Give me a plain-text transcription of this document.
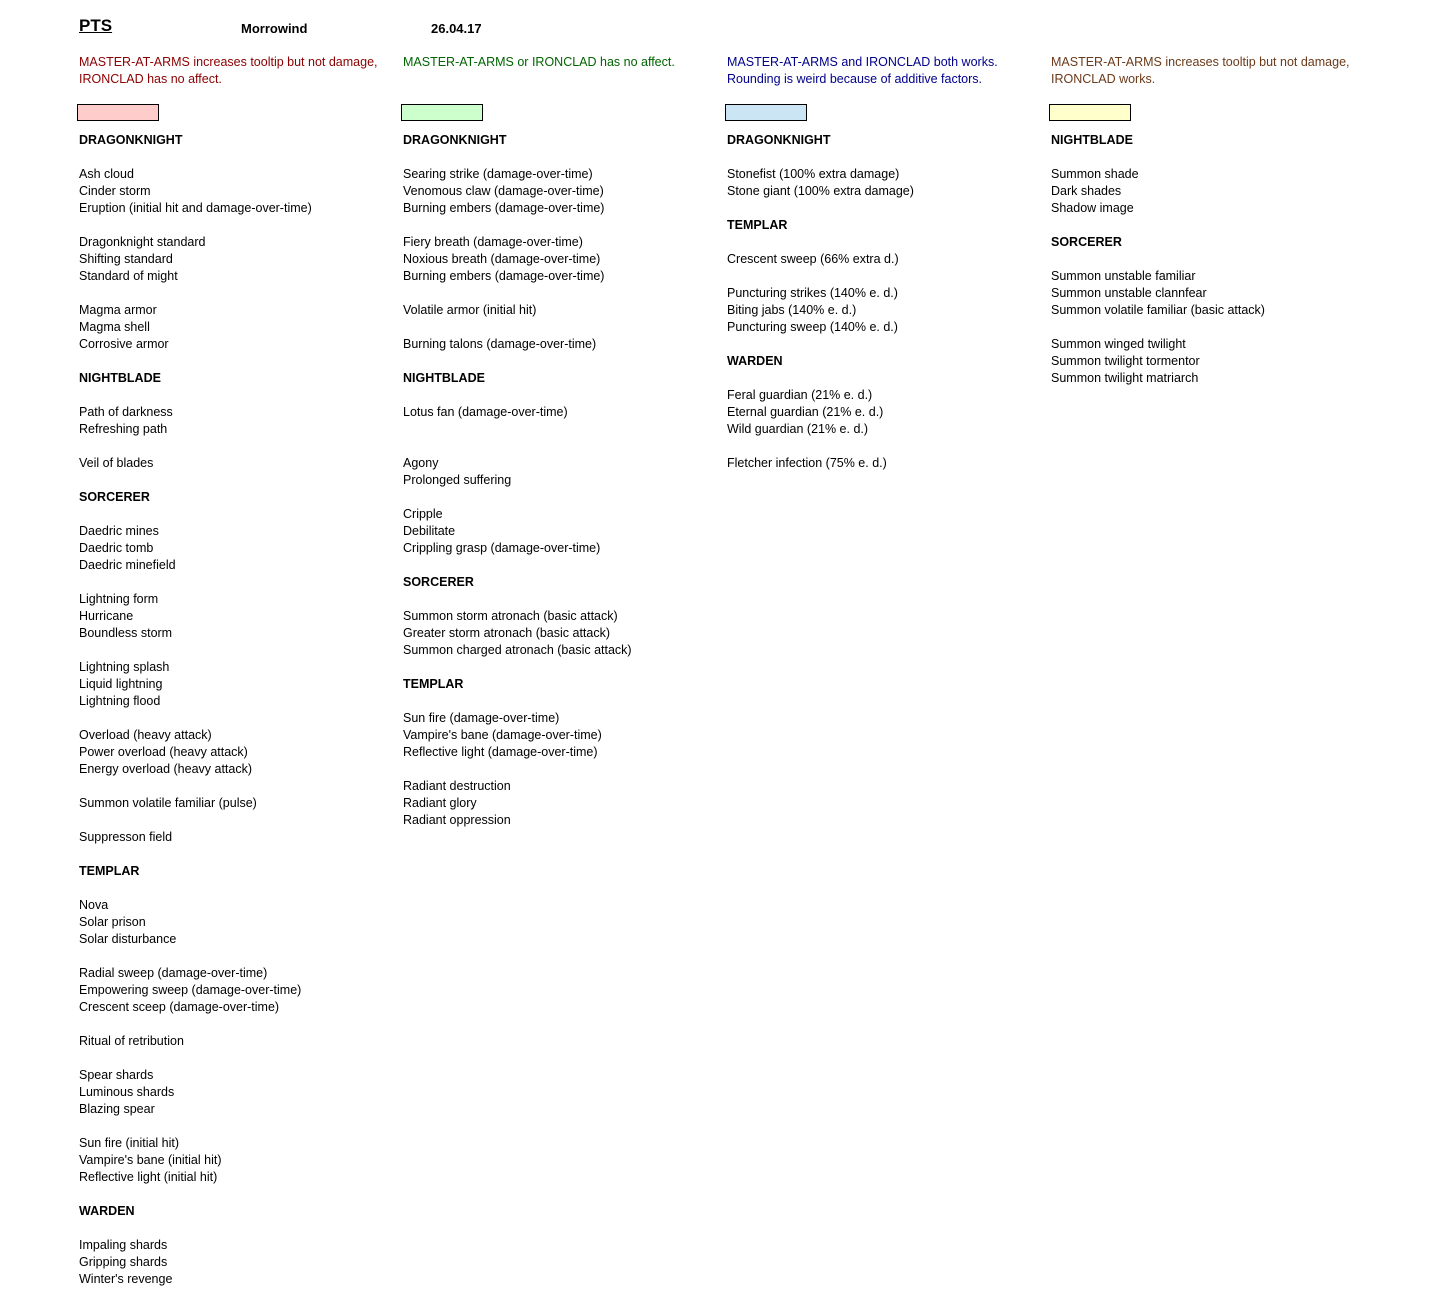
PTS	Morrowind	26.04.17
MASTER-AT-ARMS increases tooltip but not damage,
IRONCLAD has no affect.
DRAGONKNIGHT
Ash cloud
Cinder storm
Eruption (initial hit and damage-over-time)
Dragonknight standard
Shifting standard
Standard of might
Magma armor
Magma shell
Corrosive armor
NIGHTBLADE
Path of darkness
Refreshing path
Veil of blades
SORCERER
Daedric mines
Daedric tomb
Daedric minefield
Lightning form
Hurricane
Boundless storm
Lightning splash
Liquid lightning
Lightning flood
Overload (heavy attack)
Power overload (heavy attack)
Energy overload (heavy attack)
Summon volatile familiar (pulse)
Suppresson field
TEMPLAR
Nova
Solar prison
Solar disturbance
Radial sweep (damage-over-time)
Empowering sweep (damage-over-time)
Crescent sceep (damage-over-time)
Ritual of retribution
Spear shards
Luminous shards
Blazing spear
Sun fire (initial hit)
Vampire's bane (initial hit)
Reflective light (initial hit)
WARDEN
Impaling shards
Gripping shards
Winter's revenge
MASTER-AT-ARMS or IRONCLAD has no affect.
DRAGONKNIGHT
Searing strike (damage-over-time)
Venomous claw (damage-over-time)
Burning embers (damage-over-time)
Fiery breath (damage-over-time)
Noxious breath (damage-over-time)
Burning embers (damage-over-time)
Volatile armor (initial hit)
Burning talons (damage-over-time)
NIGHTBLADE
Lotus fan (damage-over-time)
Agony
Prolonged suffering
Cripple
Debilitate
Crippling grasp (damage-over-time)
SORCERER
Summon storm atronach (basic attack)
Greater storm atronach (basic attack)
Summon charged atronach (basic attack)
TEMPLAR
Sun fire (damage-over-time)
Vampire's bane (damage-over-time)
Reflective light (damage-over-time)
Radiant destruction
Radiant glory
Radiant oppression
MASTER-AT-ARMS and IRONCLAD both works.
Rounding is weird because of additive factors.
DRAGONKNIGHT
Stonefist (100% extra damage)
Stone giant (100% extra damage)
TEMPLAR
Crescent sweep (66% extra d.)
Puncturing strikes (140% e. d.)
Biting jabs (140% e. d.)
Puncturing sweep (140% e. d.)
WARDEN
Feral guardian (21% e. d.)
Eternal guardian (21% e. d.)
Wild guardian (21% e. d.)
Fletcher infection (75% e. d.)
MASTER-AT-ARMS increases tooltip but not damage,
IRONCLAD works.
NIGHTBLADE
Summon shade
Dark shades
Shadow image
SORCERER
Summon unstable familiar
Summon unstable clannfear
Summon volatile familiar (basic attack)
Summon winged twilight
Summon twilight tormentor
Summon twilight matriarch
